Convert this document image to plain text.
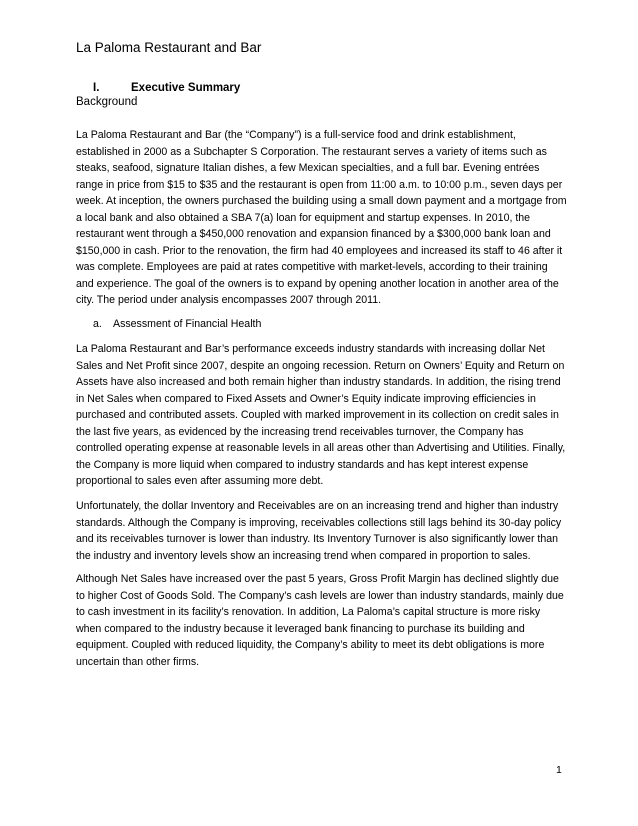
La Paloma Restaurant and Bar
I.	Executive Summary
Background

La Paloma Restaurant and Bar (the “Company”) is a full-service food and drink establishment, established in 2000 as a Subchapter S Corporation. The restaurant serves a variety of items such as steaks, seafood, signature Italian dishes, a few Mexican specialties, and a full bar. Evening entrées range in price from $15 to $35 and the restaurant is open from 11:00 a.m. to 10:00 p.m., seven days per week. At inception, the owners purchased the building using a small down payment and a mortgage from a local bank and also obtained a SBA 7(a) loan for equipment and startup expenses. In 2010, the restaurant went through a $450,000 renovation and expansion financed by a $300,000 bank loan and $150,000 in cash. Prior to the renovation, the firm had 40 employees and increased its staff to 46 after it was complete. Employees are paid at rates competitive with market-levels, according to their training and experience. The goal of the owners is to expand by opening another location in another area of the city. The period under analysis encompasses 2007 through 2011.

a. Assessment of Financial Health

La Paloma Restaurant and Bar’s performance exceeds industry standards with increasing dollar Net Sales and Net Profit since 2007, despite an ongoing recession. Return on Owners’ Equity and Return on Assets have also increased and both remain higher than industry standards. In addition, the rising trend in Net Sales when compared to Fixed Assets and Owner’s Equity indicate improving efficiencies in purchased and contributed assets. Coupled with marked improvement in its collection on credit sales in the last five years, as evidenced by the increasing trend receivables turnover, the Company has controlled operating expense at reasonable levels in all areas other than Advertising and Utilities. Finally, the Company is more liquid when compared to industry standards and has kept interest expense proportional to sales even after assuming more debt.

Unfortunately, the dollar Inventory and Receivables are on an increasing trend and higher than industry standards. Although the Company is improving, receivables collections still lags behind its 30-day policy and its receivables turnover is lower than industry. Its Inventory Turnover is also significantly lower than the industry and inventory levels show an increasing trend when compared in proportion to sales.

Although Net Sales have increased over the past 5 years, Gross Profit Margin has declined slightly due to higher Cost of Goods Sold. The Company’s cash levels are lower than industry standards, mainly due to cash investment in its facility’s renovation. In addition, La Paloma’s capital structure is more risky when compared to the industry because it leveraged bank financing to purchase its building and equipment. Coupled with reduced liquidity, the Company’s ability to meet its debt obligations is more uncertain than other firms.

1
